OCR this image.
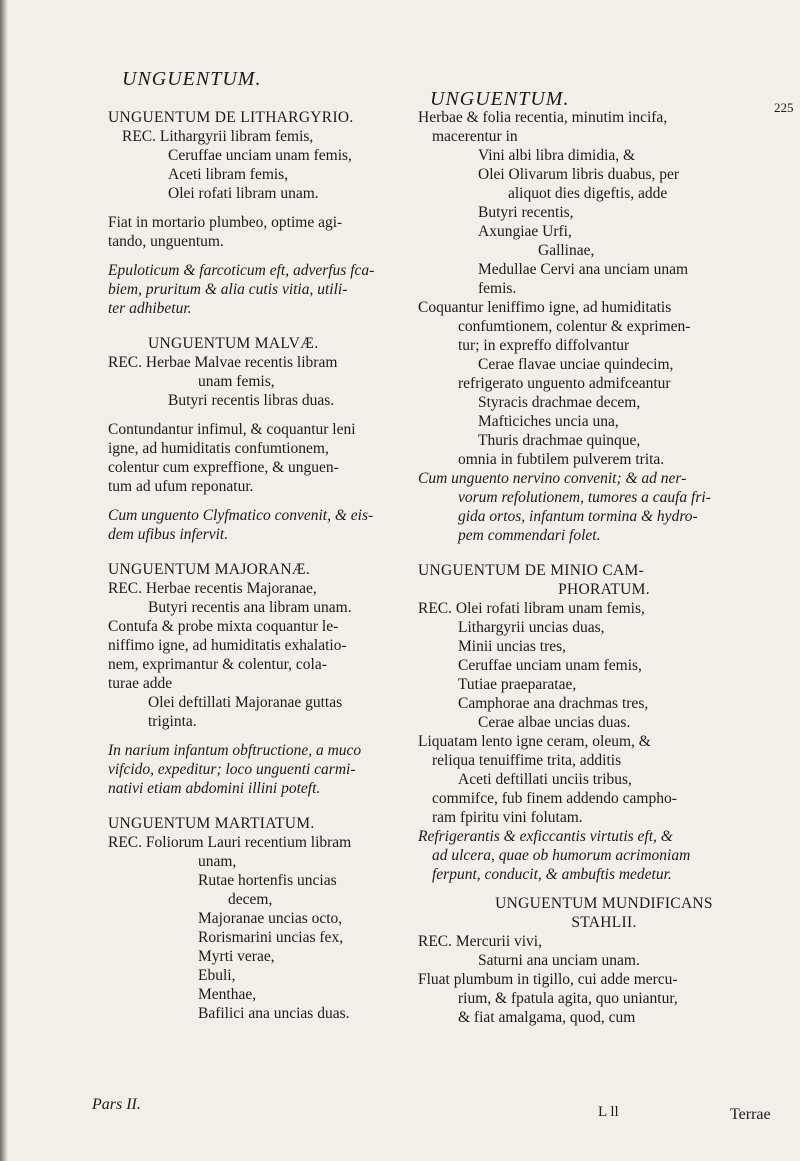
UNGUENTUM.
UNGUENTUM.	225

UNGUENTUM DE LITHARGYRIO.

REC. Lithargyrii libram femis,

Ceruffae unciam unam femis,

Aceti libram femis,

Olei rofati libram unam.

Fiat in mortario plumbeo, optime agi-

tando, unguentum.

Epuloticum & farcoticum eft, adverfus fca-

biem, pruritum & alia cutis vitia, utili-

ter adhibetur.

UNGUENTUM MALVÆ.

REC. Herbae Malvae recentis libram

unam femis,

Butyri recentis libras duas.

Contundantur infimul, & coquantur leni

igne, ad humiditatis confumtionem,

colentur cum expreffione, & unguen-

tum ad ufum reponatur.

Cum unguento Clyfmatico convenit, & eis-

dem ufibus infervit.

UNGUENTUM MAJORANÆ.

REC. Herbae recentis Majoranae,

Butyri recentis ana libram unam.

Contufa & probe mixta coquantur le-

niffimo igne, ad humiditatis exhalatio-

nem, exprimantur & colentur, cola-

turae adde

Olei deftillati Majoranae guttas

triginta.

In narium infantum obftructione, a muco

vifcido, expeditur; loco unguenti carmi-

nativi etiam abdomini illini poteft.

UNGUENTUM MARTIATUM.

REC. Foliorum Lauri recentium libram

unam,

Rutae hortenfis uncias

decem,

Majoranae uncias octo,

Rorismarini uncias fex,

Myrti verae,

Ebuli,

Menthae,

Bafilici ana uncias duas.

Herbae & folia recentia, minutim incifa,

macerentur in

Vini albi libra dimidia, &

Olei Olivarum libris duabus, per

aliquot dies digeftis, adde

Butyri recentis,

Axungiae Urfi,

Gallinae,

Medullae Cervi ana unciam unam

femis.

Coquantur leniffimo igne, ad humiditatis

confumtionem, colentur & exprimen-

tur; in expreffo diffolvantur

Cerae flavae unciae quindecim,

refrigerato unguento admifceantur

Styracis drachmae decem,

Mafticiches uncia una,

Thuris drachmae quinque,

omnia in fubtilem pulverem trita.

Cum unguento nervino convenit; & ad ner-

vorum refolutionem, tumores a caufa fri-

gida ortos, infantum tormina & hydro-

pem commendari folet.

UNGUENTUM DE MINIO CAM-

PHORATUM.

REC. Olei rofati libram unam femis,

Lithargyrii uncias duas,

Minii uncias tres,

Ceruffae unciam unam femis,

Tutiae praeparatae,

Camphorae ana drachmas tres,

Cerae albae uncias duas.

Liquatam lento igne ceram, oleum, &

reliqua tenuiffime trita, additis

Aceti deftillati unciis tribus,

commifce, fub finem addendo campho-

ram fpiritu vini folutam.

Refrigerantis & exficcantis virtutis eft, &

ad ulcera, quae ob humorum acrimoniam

ferpunt, conducit, & ambuftis medetur.

UNGUENTUM MUNDIFICANS

STAHLII.

REC. Mercurii vivi,

Saturni ana unciam unam.

Fluat plumbum in tigillo, cui adde mercu-

rium, & fpatula agita, quo uniantur,

& fiat amalgama, quod, cum

Pars II.	L ll	Terrae
